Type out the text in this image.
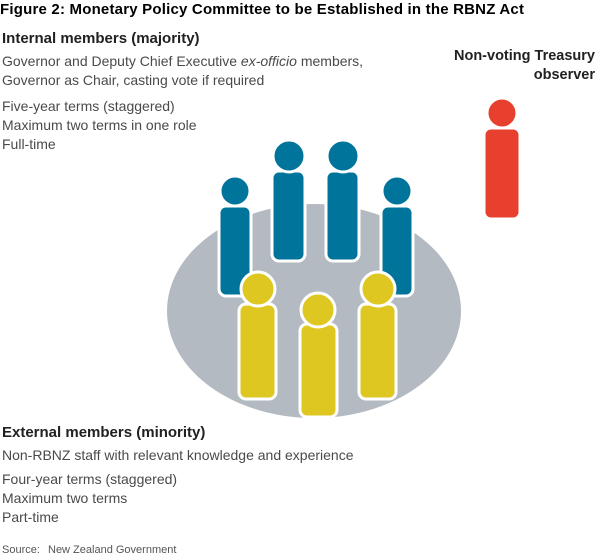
Figure 2: Monetary Policy Committee to be Established in the RBNZ Act
Internal members (majority)
Governor and Deputy Chief Executive ex-officio members,
Governor as Chair, casting vote if required
Five-year terms (staggered)
Maximum two terms in one role
Full-time
Non-voting Treasury
observer
External members (minority)
Non-RBNZ staff with relevant knowledge and experience
Four-year terms (staggered)
Maximum two terms
Part-time
Source: New Zealand Government
